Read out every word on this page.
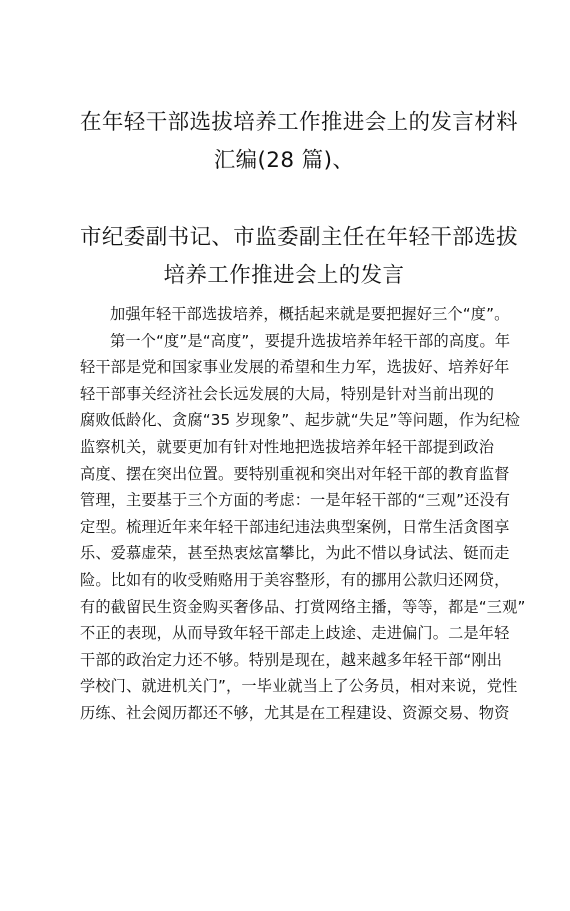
在年轻干部选拔培养工作推进会上的发言材料
汇编(28 篇)、
市纪委副书记、市监委副主任在年轻干部选拔
培养工作推进会上的发言
加强年轻干部选拔培养，概括起来就是要把握好三个“度”。
第一个“度”是“高度”，要提升选拔培养年轻干部的高度。年
轻干部是党和国家事业发展的希望和生力军，选拔好、培养好年
轻干部事关经济社会长远发展的大局，特别是针对当前出现的
腐败低龄化、贪腐“35 岁现象”、起步就“失足”等问题，作为纪检
监察机关，就要更加有针对性地把选拔培养年轻干部提到政治
高度、摆在突出位置。要特别重视和突出对年轻干部的教育监督
管理，主要基于三个方面的考虑：一是年轻干部的“三观”还没有
定型。梳理近年来年轻干部违纪违法典型案例，日常生活贪图享
乐、爱慕虚荣，甚至热衷炫富攀比，为此不惜以身试法、铤而走
险。比如有的收受贿赂用于美容整形，有的挪用公款归还网贷，
有的截留民生资金购买奢侈品、打赏网络主播，等等，都是“三观”
不正的表现，从而导致年轻干部走上歧途、走进偏门。二是年轻
干部的政治定力还不够。特别是现在，越来越多年轻干部“刚出
学校门、就进机关门”，一毕业就当上了公务员，相对来说，党性
历练、社会阅历都还不够，尤其是在工程建设、资源交易、物资
